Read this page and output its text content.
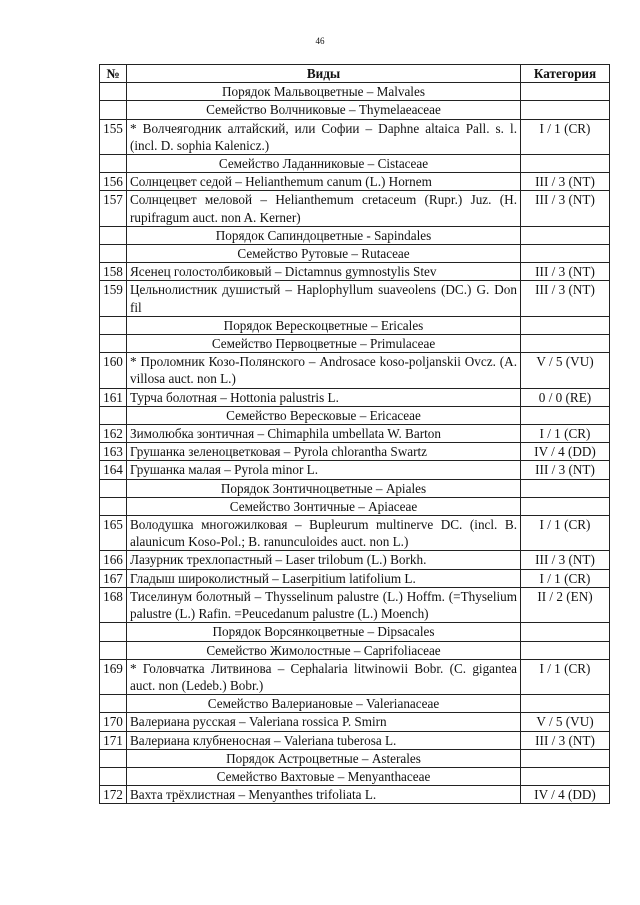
46
№	Виды	Категория
	Порядок Мальвоцветные – Malvales	
	Семейство Волчниковые – Thymelaeaceae	
155	* Волчеягодник алтайский, или Софии – Daphne altaica Pall. s. l. (incl. D. sophia Kalenicz.)	I / 1 (CR)
	Семейство Ладанниковые – Cistaceae	
156	Солнцецвет седой – Helianthemum canum (L.) Hornem	III / 3 (NT)
157	Солнцецвет меловой – Helianthemum cretaceum (Rupr.) Juz. (H. rupifragum auct. non A. Kerner)	III / 3 (NT)
	Порядок Сапиндоцветные - Sapindales	
	Семейство Рутовые – Rutaceae	
158	Ясенец голостолбиковый – Dictamnus gymnostylis Stev	III / 3 (NT)
159	Цельнолистник душистый – Haplophyllum suaveolens (DC.) G. Don fil	III / 3 (NT)
	Порядок Верескоцветные – Ericales	
	Семейство Первоцветные – Primulaceae	
160	* Проломник Козо-Полянского – Androsace koso-poljanskii Ovcz. (A. villosa auct. non L.)	V / 5 (VU)
161	Турча болотная – Hottonia palustris L.	0 / 0 (RE)
	Семейство Вересковые – Ericaceae	
162	Зимолюбка зонтичная – Chimaphila umbellata W. Barton	I / 1 (CR)
163	Грушанка зеленоцветковая – Pyrola chlorantha Swartz	IV / 4 (DD)
164	Грушанка малая – Pyrola minor L.	III / 3 (NT)
	Порядок Зонтичноцветные – Apiales	
	Семейство Зонтичные – Apiaceae	
165	Володушка многожилковая – Bupleurum multinerve DC. (incl. B. alaunicum Koso-Pol.; B. ranunculoides auct. non L.)	I / 1 (CR)
166	Лазурник трехлопастный – Laser trilobum (L.) Borkh.	III / 3 (NT)
167	Гладыш широколистный – Laserpitium latifolium L.	I / 1 (CR)
168	Тиселинум болотный – Thysselinum palustre (L.) Hoffm. (=Thyselium palustre (L.) Rafin. =Peucedanum palustre (L.) Moench)	II / 2 (EN)
	Порядок Ворсянкоцветные – Dipsacales	
	Семейство Жимолостные – Caprifoliaceae	
169	* Головчатка Литвинова – Cephalaria litwinowii Bobr. (C. gigantea auct. non (Ledeb.) Bobr.)	I / 1 (CR)
	Семейство Валериановые – Valerianaceae	
170	Валериана русская – Valeriana rossica P. Smirn	V / 5 (VU)
171	Валериана клубненосная – Valeriana tuberosa L.	III / 3 (NT)
	Порядок Астроцветные – Asterales	
	Семейство Вахтовые – Menyanthaceae	
172	Вахта трёхлистная – Menyanthes trifoliata L.	IV / 4 (DD)
